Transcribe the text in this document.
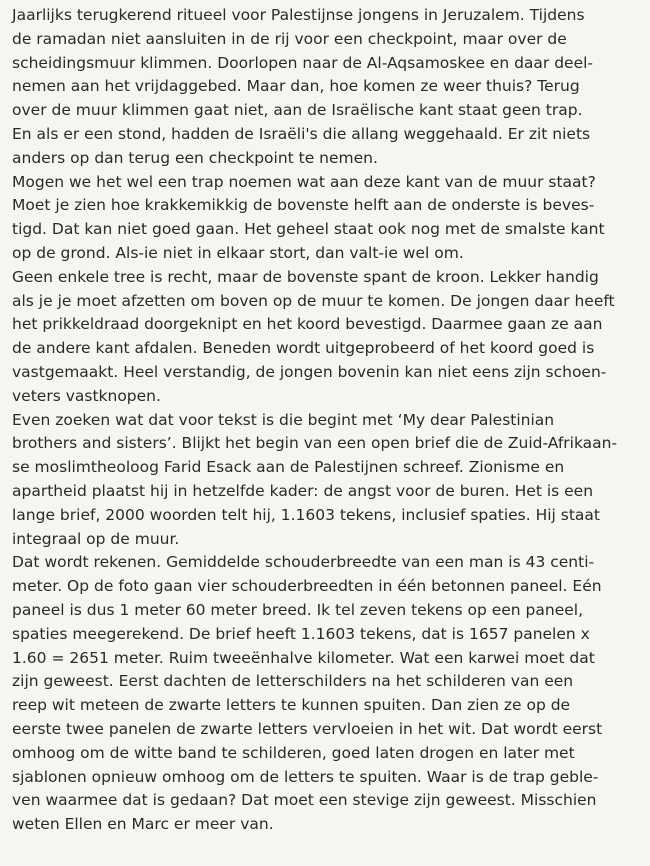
Jaarlijks terugkerend ritueel voor Palestijnse jongens in Jeruzalem. Tijdens
de ramadan niet aansluiten in de rij voor een checkpoint, maar over de
scheidingsmuur klimmen. Doorlopen naar de Al-Aqsamoskee en daar deel-
nemen aan het vrijdaggebed. Maar dan, hoe komen ze weer thuis? Terug
over de muur klimmen gaat niet, aan de Israëlische kant staat geen trap.
En als er een stond, hadden de Israëli's die allang weggehaald. Er zit niets
anders op dan terug een checkpoint te nemen.
Mogen we het wel een trap noemen wat aan deze kant van de muur staat?
Moet je zien hoe krakkemikkig de bovenste helft aan de onderste is beves-
tigd. Dat kan niet goed gaan. Het geheel staat ook nog met de smalste kant
op de grond. Als-ie niet in elkaar stort, dan valt-ie wel om.
Geen enkele tree is recht, maar de bovenste spant de kroon. Lekker handig
als je je moet afzetten om boven op de muur te komen. De jongen daar heeft
het prikkeldraad doorgeknipt en het koord bevestigd. Daarmee gaan ze aan
de andere kant afdalen. Beneden wordt uitgeprobeerd of het koord goed is
vastgemaakt. Heel verstandig, de jongen bovenin kan niet eens zijn schoen-
veters vastknopen.
Even zoeken wat dat voor tekst is die begint met ‘My dear Palestinian
brothers and sisters’. Blijkt het begin van een open brief die de Zuid-Afrikaan-
se moslimtheoloog Farid Esack aan de Palestijnen schreef. Zionisme en
apartheid plaatst hij in hetzelfde kader: de angst voor de buren. Het is een
lange brief, 2000 woorden telt hij, 1.1603 tekens, inclusief spaties. Hij staat
integraal op de muur.
Dat wordt rekenen. Gemiddelde schouderbreedte van een man is 43 centi-
meter. Op de foto gaan vier schouderbreedten in één betonnen paneel. Eén
paneel is dus 1 meter 60 meter breed. Ik tel zeven tekens op een paneel,
spaties meegerekend. De brief heeft 1.1603 tekens, dat is 1657 panelen x
1.60 = 2651 meter. Ruim tweeënhalve kilometer. Wat een karwei moet dat
zijn geweest. Eerst dachten de letterschilders na het schilderen van een
reep wit meteen de zwarte letters te kunnen spuiten. Dan zien ze op de
eerste twee panelen de zwarte letters vervloeien in het wit. Dat wordt eerst
omhoog om de witte band te schilderen, goed laten drogen en later met
sjablonen opnieuw omhoog om de letters te spuiten. Waar is de trap geble-
ven waarmee dat is gedaan? Dat moet een stevige zijn geweest. Misschien
weten Ellen en Marc er meer van.
